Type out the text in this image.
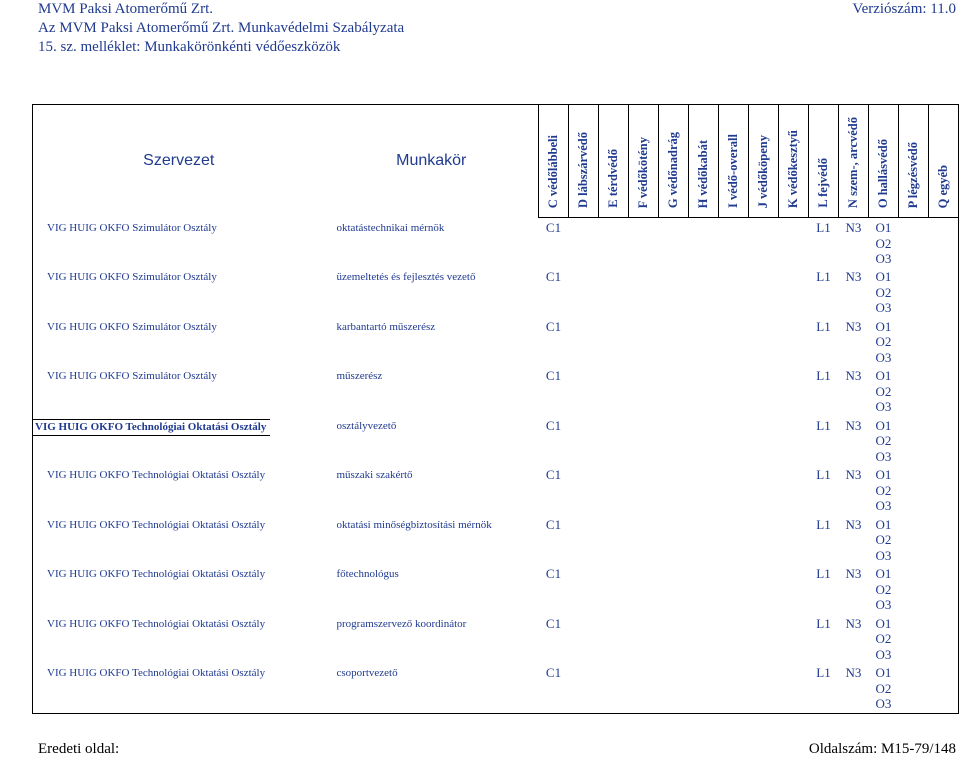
MVM Paksi Atomerőmű Zrt.
Az MVM Paksi Atomerőmű Zrt. Munkavédelmi Szabályzata
15. sz. melléklet: Munkakörönkénti védőeszközök
Verziószám: 11.0
Szervezet	Munkakör	C védőlábbeli	D lábszárvédő	E térdvédő	F védőkötény	G védőnadrág	H védőkabát	I védő-overall	J védőköpeny	K védőkesztyű	L fejvédő	N szem-, arcvédő	O hallásvédő	P légzésvédő	Q egyéb

VIG HUIG OKFO Szimulátor Osztály	oktatástechnikai mérnök	C1									L1	N3	O1
O2
O3		

VIG HUIG OKFO Szimulátor Osztály	üzemeltetés és fejlesztés vezető	C1									L1	N3	O1
O2
O3		

VIG HUIG OKFO Szimulátor Osztály	karbantartó műszerész	C1									L1	N3	O1
O2
O3		

VIG HUIG OKFO Szimulátor Osztály	műszerész	C1									L1	N3	O1
O2
O3		

VIG HUIG OKFO Technológiai Oktatási Osztály	osztályvezető	C1									L1	N3	O1
O2
O3		

VIG HUIG OKFO Technológiai Oktatási Osztály	műszaki szakértő	C1									L1	N3	O1
O2
O3		

VIG HUIG OKFO Technológiai Oktatási Osztály	oktatási minőségbiztosítási mérnök	C1									L1	N3	O1
O2
O3		

VIG HUIG OKFO Technológiai Oktatási Osztály	főtechnológus	C1									L1	N3	O1
O2
O3		

VIG HUIG OKFO Technológiai Oktatási Osztály	programszervező koordinátor	C1									L1	N3	O1
O2
O3		

VIG HUIG OKFO Technológiai Oktatási Osztály	csoportvezető	C1									L1	N3	O1
O2
O3		

Eredeti oldal:	Oldalszám: M15-79/148
